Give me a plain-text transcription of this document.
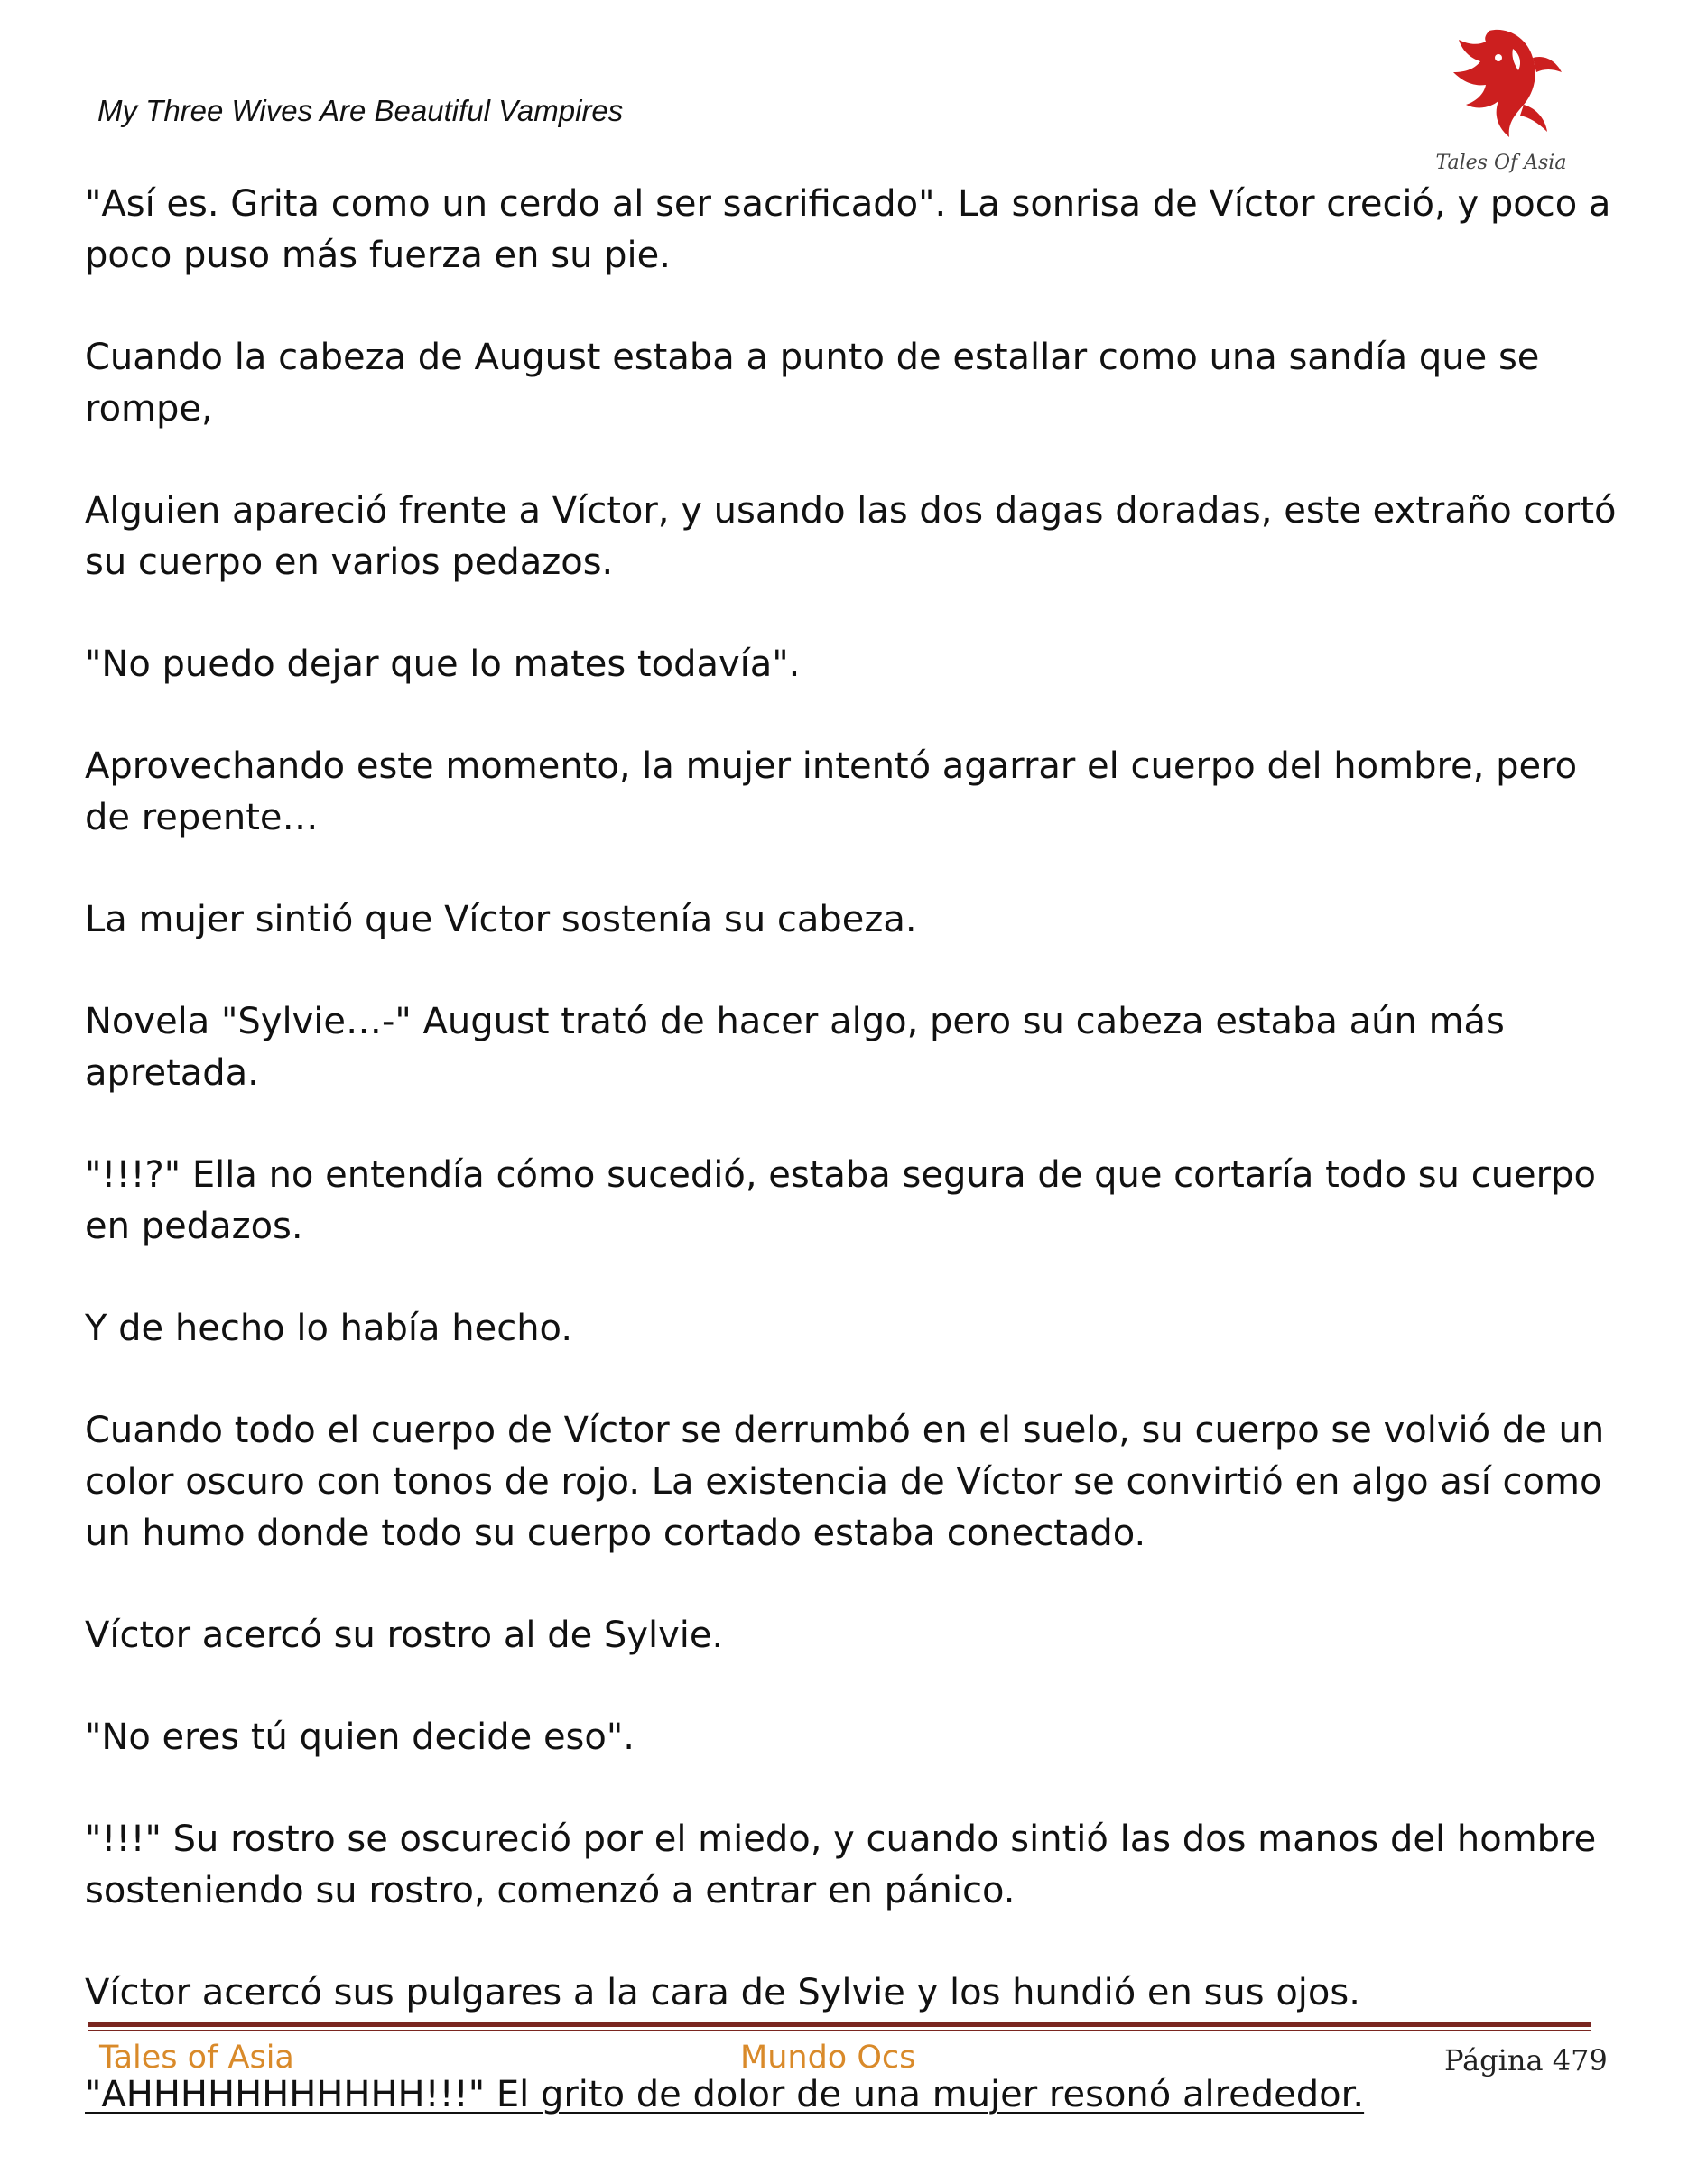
My Three Wives Are Beautiful Vampires
Tales Of Asia

"Así es. Grita como un cerdo al ser sacrificado". La sonrisa de Víctor creció, y poco a poco puso más fuerza en su pie.

Cuando la cabeza de August estaba a punto de estallar como una sandía que se rompe,

Alguien apareció frente a Víctor, y usando las dos dagas doradas, este extraño cortó su cuerpo en varios pedazos.

"No puedo dejar que lo mates todavía".

Aprovechando este momento, la mujer intentó agarrar el cuerpo del hombre, pero de repente…

La mujer sintió que Víctor sostenía su cabeza.

Novela "Sylvie…-" August trató de hacer algo, pero su cabeza estaba aún más apretada.

"!!!?" Ella no entendía cómo sucedió, estaba segura de que cortaría todo su cuerpo en pedazos.

Y de hecho lo había hecho.

Cuando todo el cuerpo de Víctor se derrumbó en el suelo, su cuerpo se volvió de un color oscuro con tonos de rojo. La existencia de Víctor se convirtió en algo así como un humo donde todo su cuerpo cortado estaba conectado.

Víctor acercó su rostro al de Sylvie.

"No eres tú quien decide eso".

"!!!" Su rostro se oscureció por el miedo, y cuando sintió las dos manos del hombre sosteniendo su rostro, comenzó a entrar en pánico.

Víctor acercó sus pulgares a la cara de Sylvie y los hundió en sus ojos.

"AHHHHHHHHHHH!!!" El grito de dolor de una mujer resonó alrededor.

Tales of Asia	Mundo Ocs	Página 479
